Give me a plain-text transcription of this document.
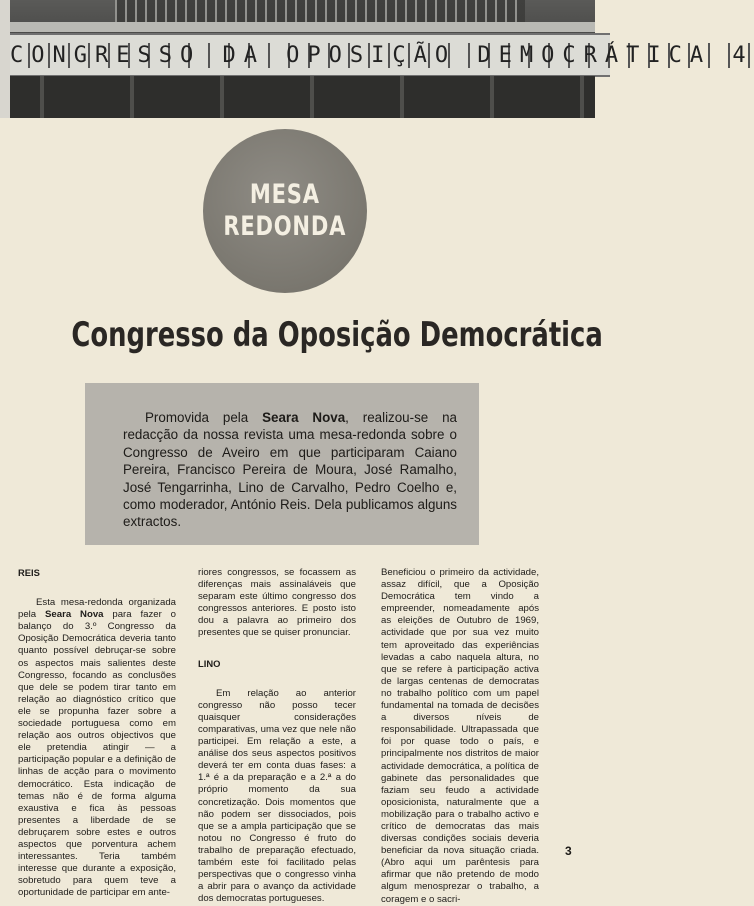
CONGRESSO DA OPOSIÇÃO DEMOCRÁTICA 4
MESA
REDONDA
Congresso da Oposição Democrática

Promovida pela Seara Nova, realizou-se na redacção da nossa revista uma mesa-redonda sobre o Congresso de Aveiro em que participaram Caiano Pereira, Francisco Pereira de Moura, José Ramalho, José Tengarrinha, Lino de Carvalho, Pedro Coelho e, como moderador, António Reis. Dela publicamos alguns extractos.

REIS

Esta mesa-redonda organizada pela Seara Nova para fazer o balanço do 3.º Congresso da Oposição Democrática deveria tanto quanto possível debruçar-se sobre os aspectos mais salientes deste Congresso, focando as conclusões que dele se podem tirar tanto em relação ao diagnóstico crítico que ele se propunha fazer sobre a sociedade portuguesa como em relação aos outros objectivos que ele pretendia atingir — a participação popular e a definição de linhas de acção para o movimento democrático. Esta indicação de temas não é de forma alguma exaustiva e fica às pessoas presentes a liberdade de se debruçarem sobre estes e outros aspectos que porventura achem interessantes. Teria também interesse que durante a exposição, sobretudo para quem teve a oportunidade de participar em ante-

riores congressos, se focassem as diferenças mais assinaláveis que separam este último congresso dos congressos anteriores. E posto isto dou a palavra ao primeiro dos presentes que se quiser pronunciar.

LINO

Em relação ao anterior congresso não posso tecer quaisquer considerações comparativas, uma vez que nele não participei. Em relação a este, a análise dos seus aspectos positivos deverá ter em conta duas fases: a 1.ª é a da preparação e a 2.ª a do próprio momento da sua concretização. Dois momentos que não podem ser dissociados, pois que se a ampla participação que se notou no Congresso é fruto do trabalho de preparação efectuado, também este foi facilitado pelas perspectivas que o congresso vinha a abrir para o avanço da actividade dos democratas portugueses.

Beneficiou o primeiro da actividade, assaz difícil, que a Oposição Democrática tem vindo a empreender, nomeadamente após as eleições de Outubro de 1969, actividade que por sua vez muito tem aproveitado das experiências levadas a cabo naquela altura, no que se refere à participação activa de largas centenas de democratas no trabalho político com um papel fundamental na tomada de decisões a diversos níveis de responsabilidade. Ultrapassada que foi por quase todo o país, e principalmente nos distritos de maior actividade democrática, a política de gabinete das personalidades que faziam seu feudo a actividade oposicionista, naturalmente que a mobilização para o trabalho activo e crítico de democratas das mais diversas condições sociais deveria beneficiar da nova situação criada. (Abro aqui um parêntesis para afirmar que não pretendo de modo algum menosprezar o trabalho, a coragem e o sacri-

3
